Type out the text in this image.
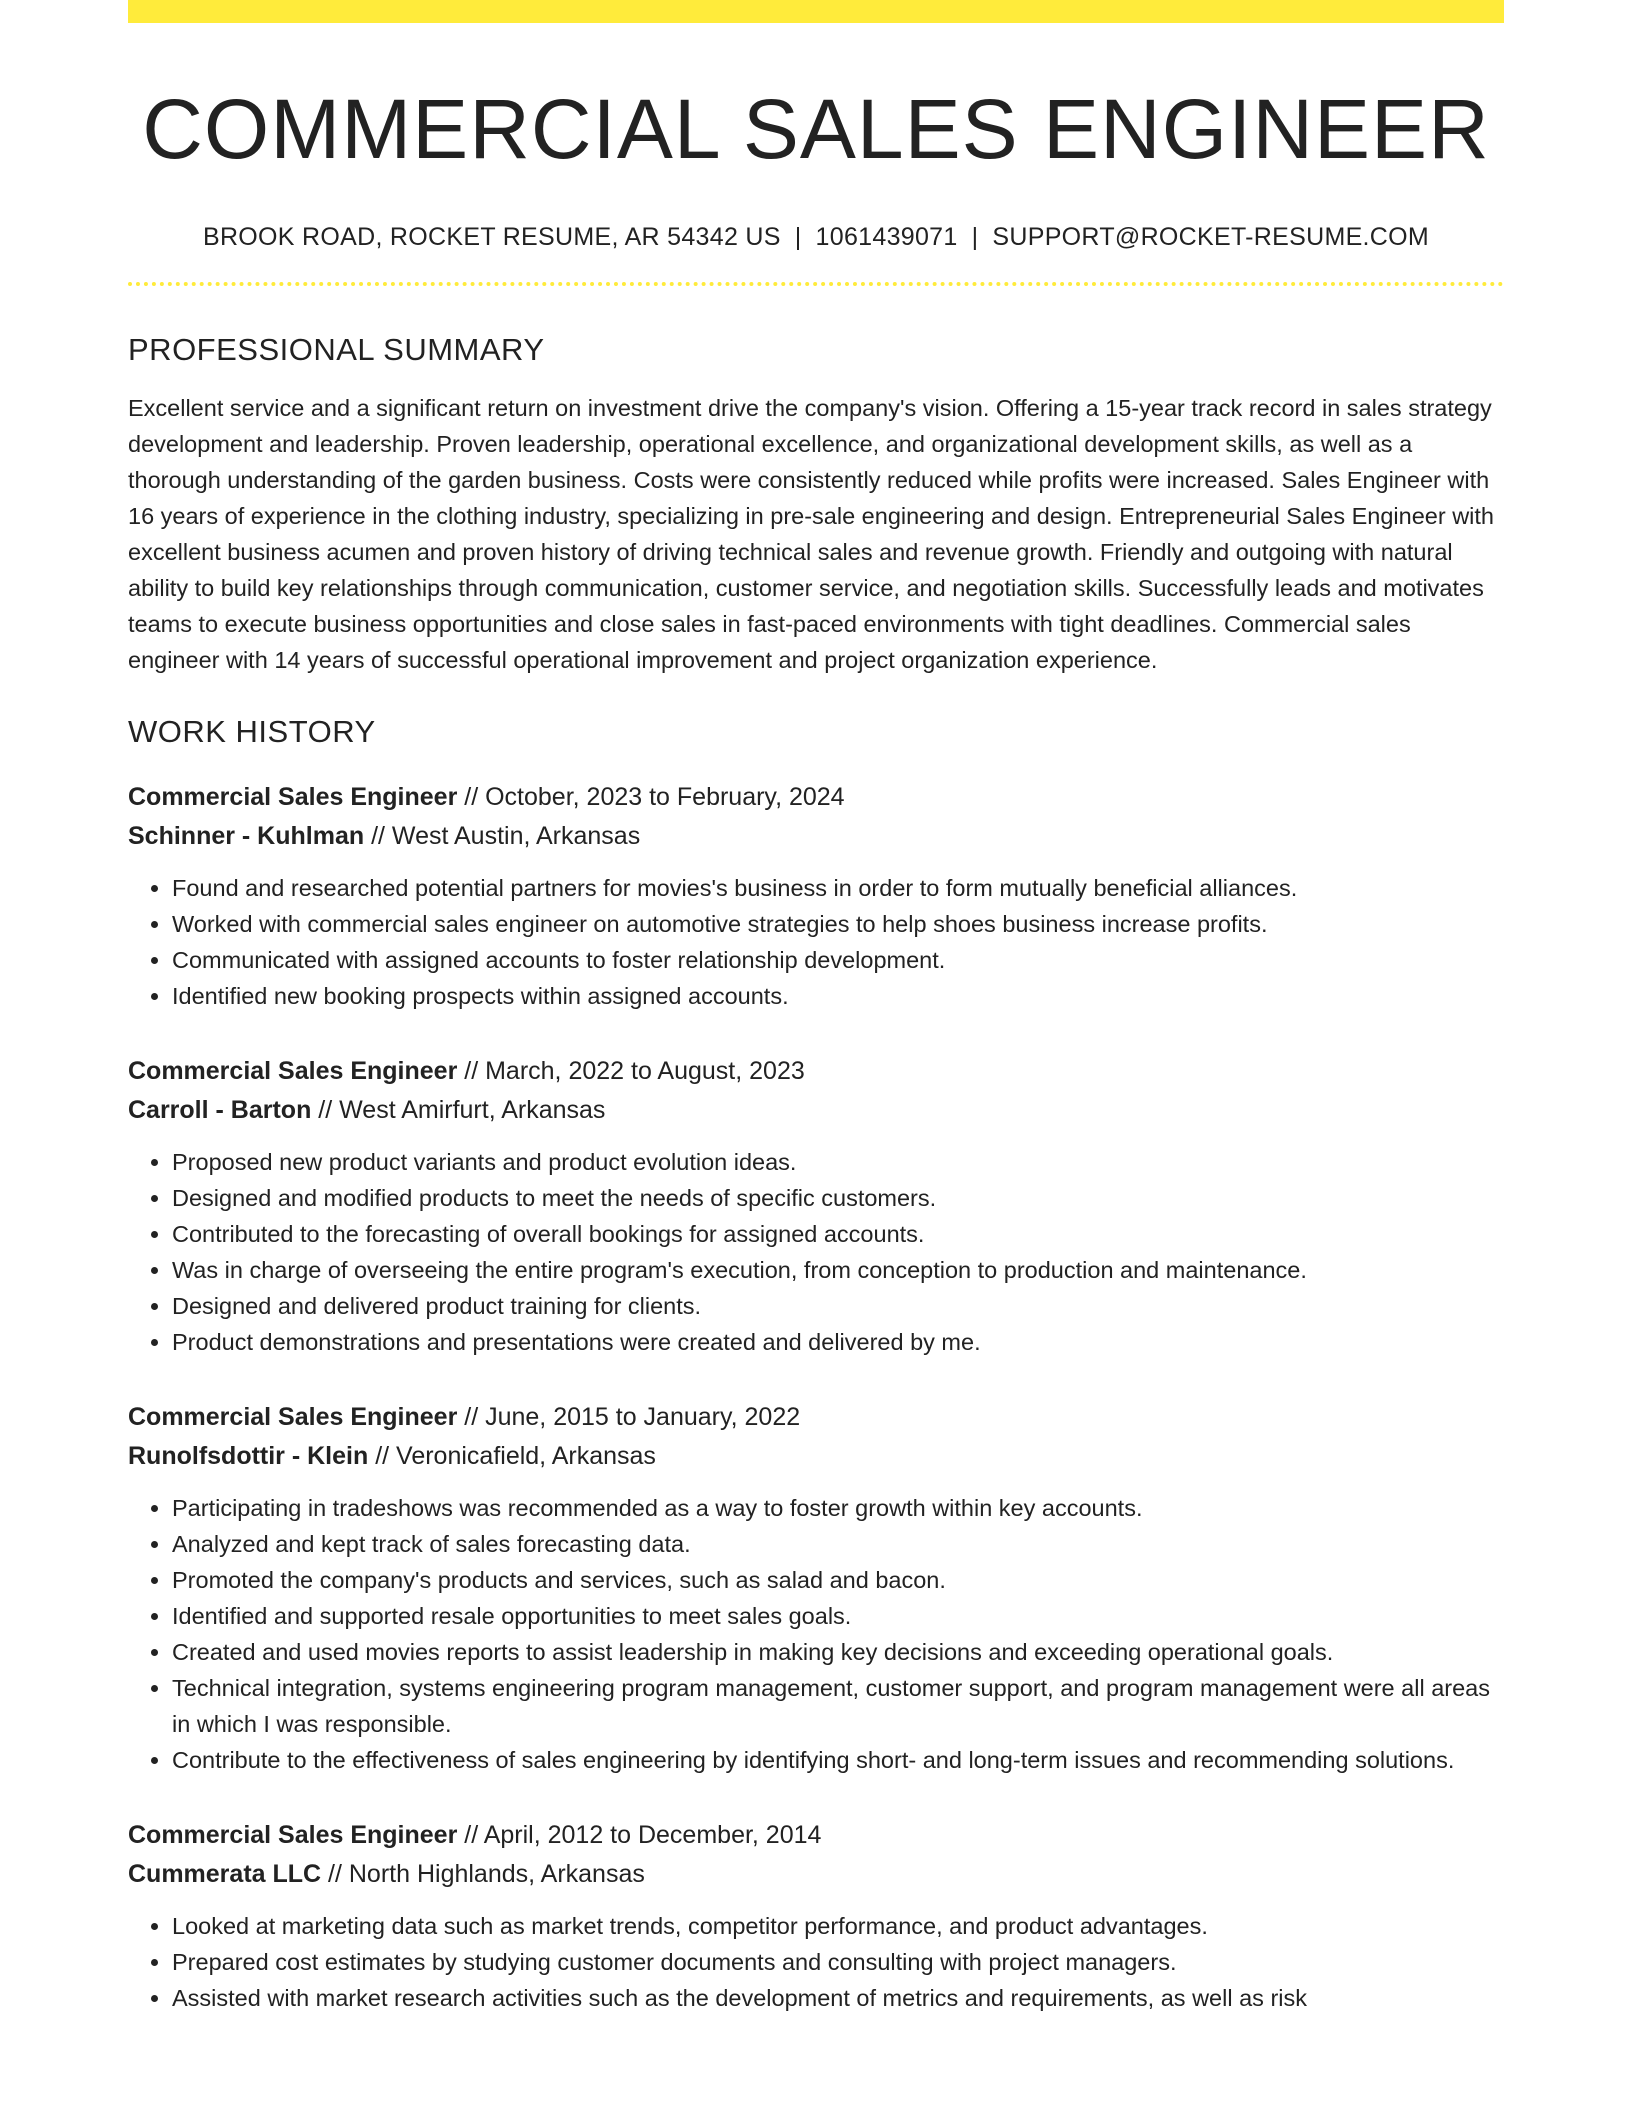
COMMERCIAL SALES ENGINEER
BROOK ROAD, ROCKET RESUME, AR 54342 US | 1061439071 | SUPPORT@ROCKET-RESUME.COM
PROFESSIONAL SUMMARY
Excellent service and a significant return on investment drive the company's vision. Offering a 15-year track record in sales strategy development and leadership. Proven leadership, operational excellence, and organizational development skills, as well as a thorough understanding of the garden business. Costs were consistently reduced while profits were increased. Sales Engineer with 16 years of experience in the clothing industry, specializing in pre-sale engineering and design. Entrepreneurial Sales Engineer with excellent business acumen and proven history of driving technical sales and revenue growth. Friendly and outgoing with natural ability to build key relationships through communication, customer service, and negotiation skills. Successfully leads and motivates teams to execute business opportunities and close sales in fast-paced environments with tight deadlines. Commercial sales engineer with 14 years of successful operational improvement and project organization experience.
WORK HISTORY
Commercial Sales Engineer // October, 2023 to February, 2024
Schinner - Kuhlman // West Austin, Arkansas
• Found and researched potential partners for movies's business in order to form mutually beneficial alliances.
• Worked with commercial sales engineer on automotive strategies to help shoes business increase profits.
• Communicated with assigned accounts to foster relationship development.
• Identified new booking prospects within assigned accounts.
Commercial Sales Engineer // March, 2022 to August, 2023
Carroll - Barton // West Amirfurt, Arkansas
• Proposed new product variants and product evolution ideas.
• Designed and modified products to meet the needs of specific customers.
• Contributed to the forecasting of overall bookings for assigned accounts.
• Was in charge of overseeing the entire program's execution, from conception to production and maintenance.
• Designed and delivered product training for clients.
• Product demonstrations and presentations were created and delivered by me.
Commercial Sales Engineer // June, 2015 to January, 2022
Runolfsdottir - Klein // Veronicafield, Arkansas
• Participating in tradeshows was recommended as a way to foster growth within key accounts.
• Analyzed and kept track of sales forecasting data.
• Promoted the company's products and services, such as salad and bacon.
• Identified and supported resale opportunities to meet sales goals.
• Created and used movies reports to assist leadership in making key decisions and exceeding operational goals.
• Technical integration, systems engineering program management, customer support, and program management were all areas in which I was responsible.
• Contribute to the effectiveness of sales engineering by identifying short- and long-term issues and recommending solutions.
Commercial Sales Engineer // April, 2012 to December, 2014
Cummerata LLC // North Highlands, Arkansas
• Looked at marketing data such as market trends, competitor performance, and product advantages.
• Prepared cost estimates by studying customer documents and consulting with project managers.
• Assisted with market research activities such as the development of metrics and requirements, as well as risk
